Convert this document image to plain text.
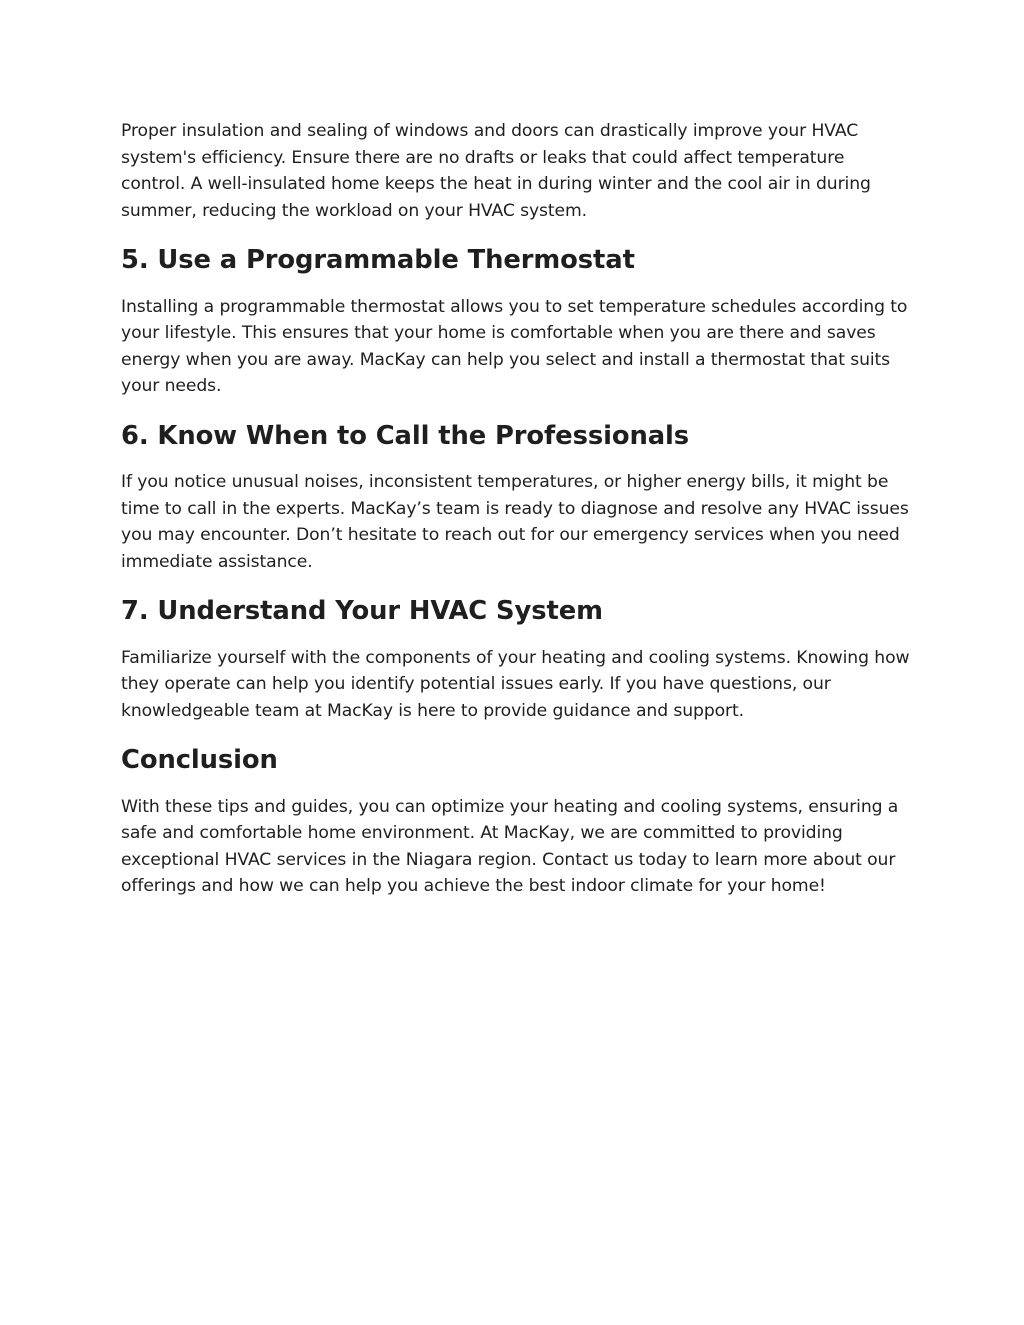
Proper insulation and sealing of windows and doors can drastically improve your HVAC system's efficiency. Ensure there are no drafts or leaks that could affect temperature control. A well-insulated home keeps the heat in during winter and the cool air in during summer, reducing the workload on your HVAC system.

5. Use a Programmable Thermostat

Installing a programmable thermostat allows you to set temperature schedules according to your lifestyle. This ensures that your home is comfortable when you are there and saves energy when you are away. MacKay can help you select and install a thermostat that suits your needs.

6. Know When to Call the Professionals

If you notice unusual noises, inconsistent temperatures, or higher energy bills, it might be time to call in the experts. MacKay’s team is ready to diagnose and resolve any HVAC issues you may encounter. Don’t hesitate to reach out for our emergency services when you need immediate assistance.

7. Understand Your HVAC System

Familiarize yourself with the components of your heating and cooling systems. Knowing how they operate can help you identify potential issues early. If you have questions, our knowledgeable team at MacKay is here to provide guidance and support.

Conclusion

With these tips and guides, you can optimize your heating and cooling systems, ensuring a safe and comfortable home environment. At MacKay, we are committed to providing exceptional HVAC services in the Niagara region. Contact us today to learn more about our offerings and how we can help you achieve the best indoor climate for your home!
